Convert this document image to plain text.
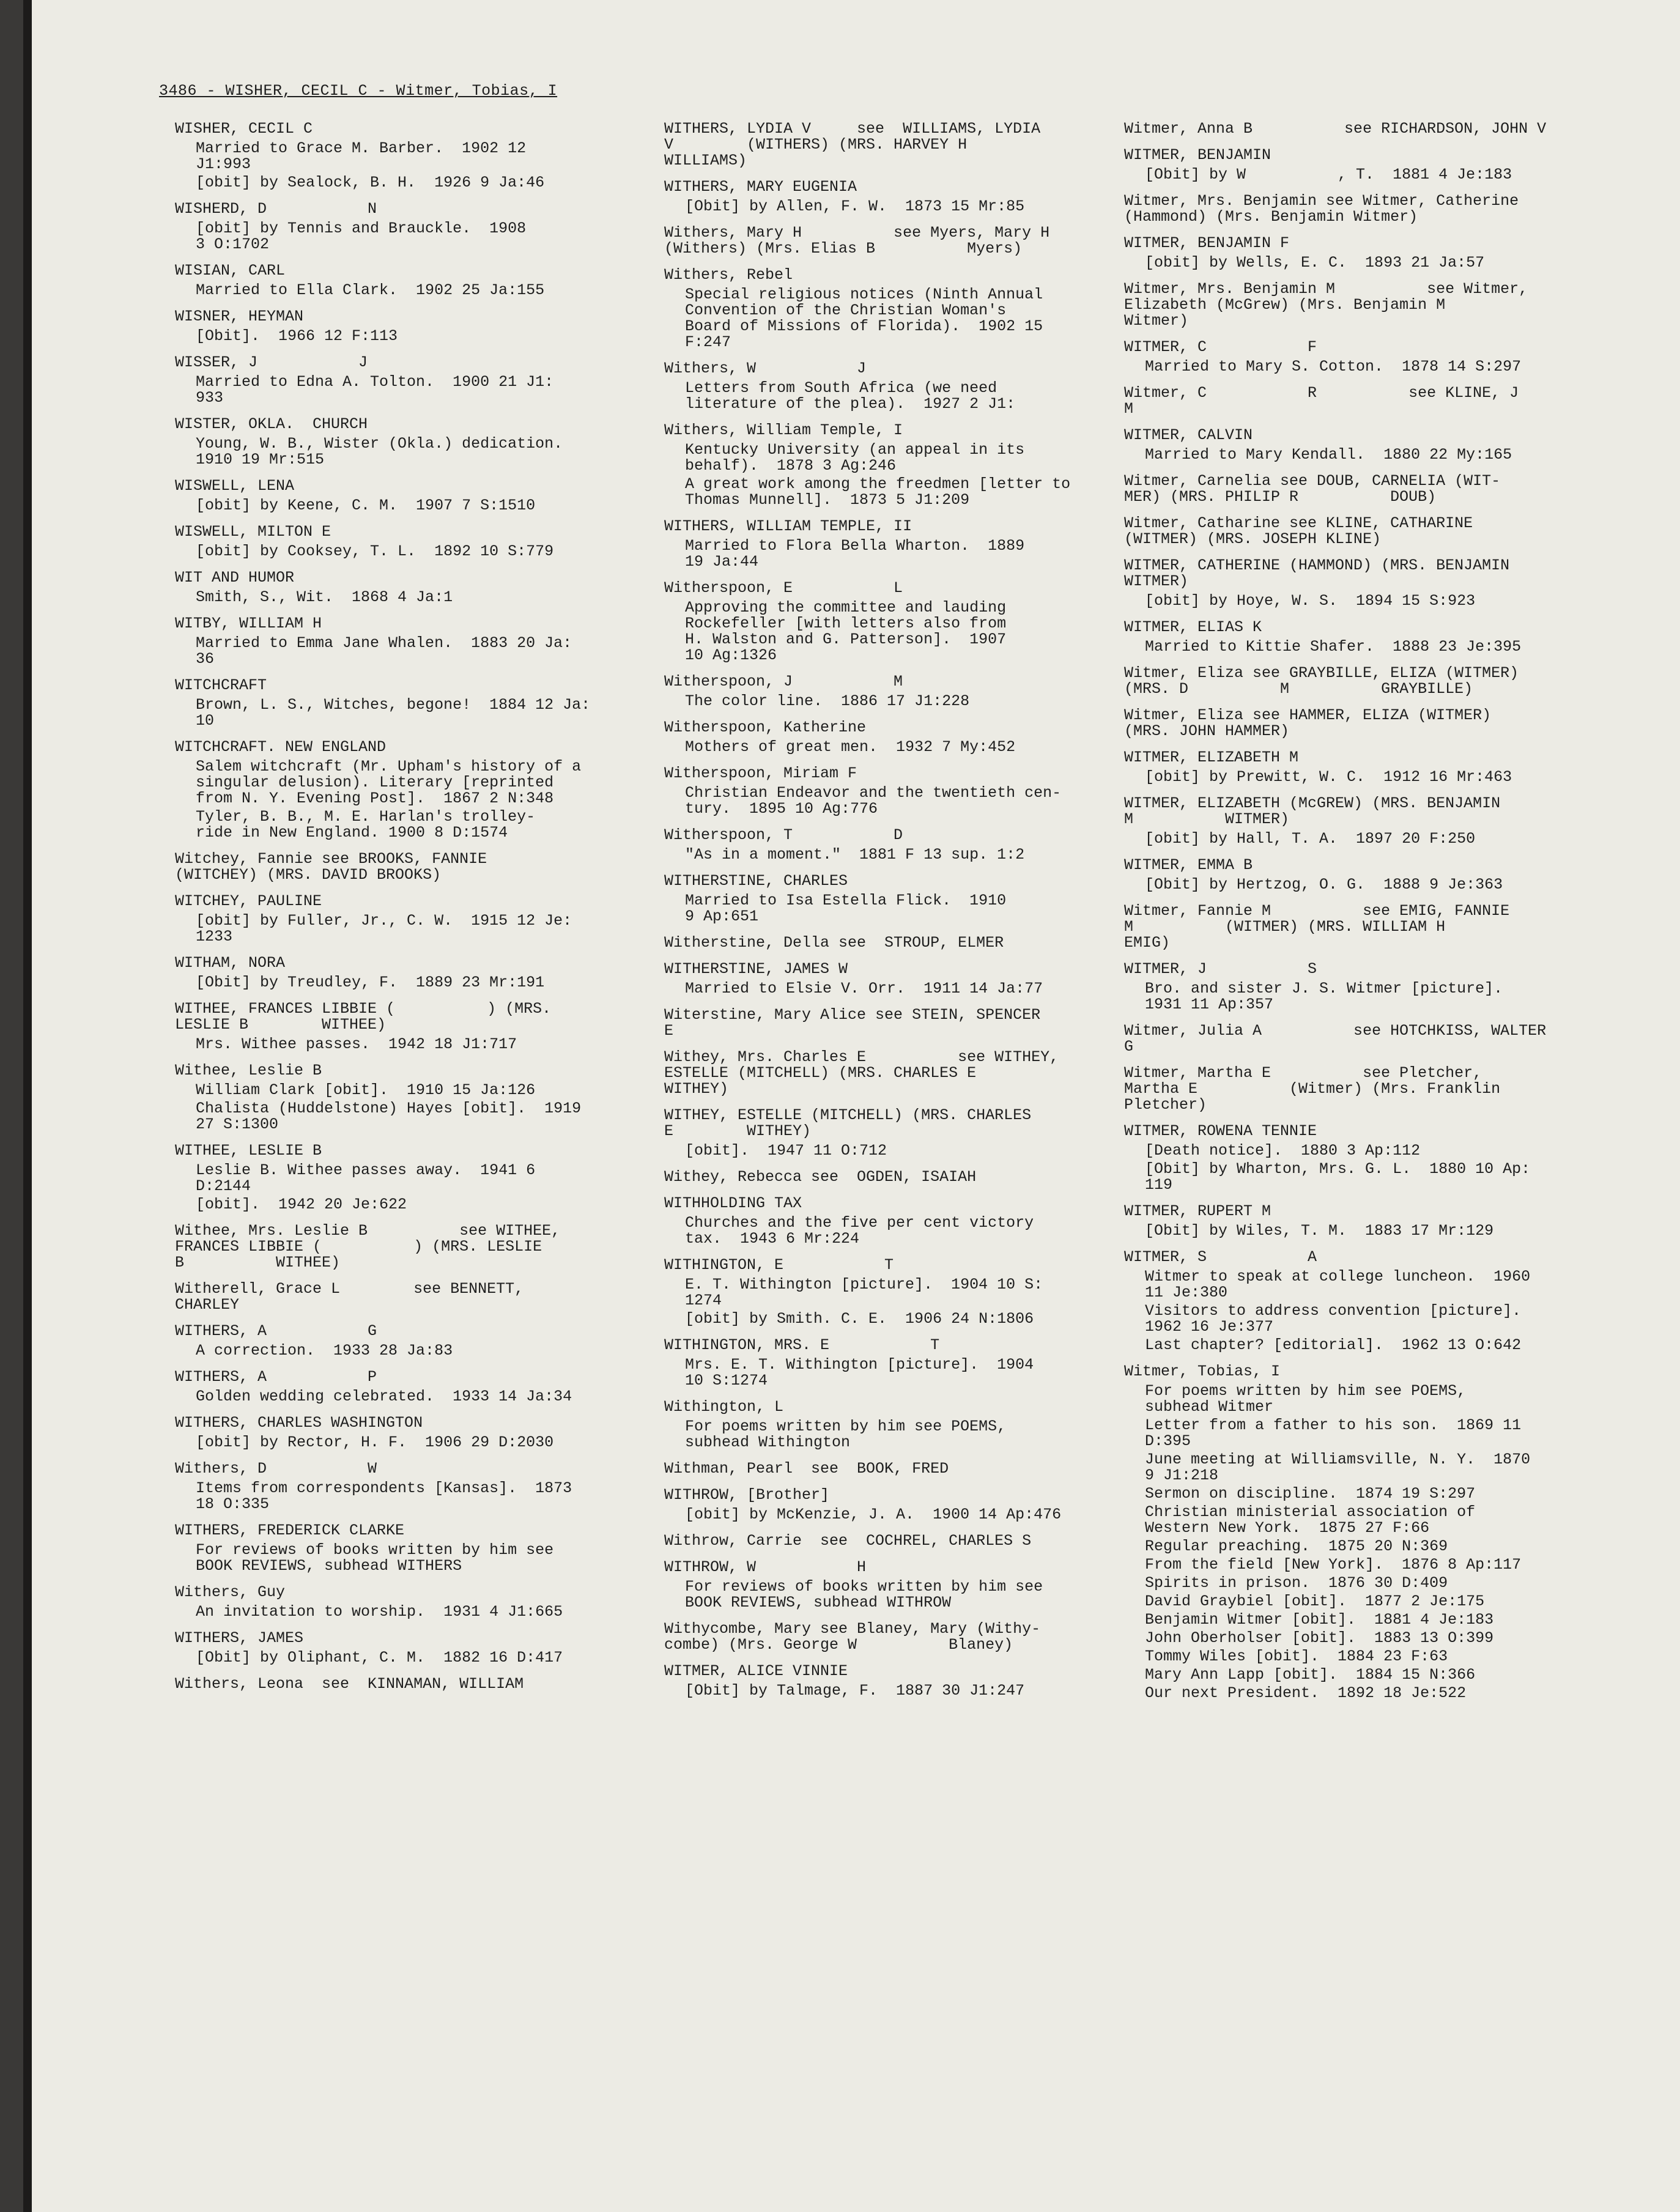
3486 - WISHER, CECIL C - Witmer, Tobias, I
WISHER, CECIL C
Married to Grace M. Barber.  1902 12
J1:993
[obit] by Sealock, B. H.  1926 9 Ja:46
WISHERD, D           N
[obit] by Tennis and Brauckle.  1908
3 O:1702
WISIAN, CARL
Married to Ella Clark.  1902 25 Ja:155
WISNER, HEYMAN
[Obit].  1966 12 F:113
WISSER, J           J
Married to Edna A. Tolton.  1900 21 J1:
933
WISTER, OKLA.  CHURCH
Young, W. B., Wister (Okla.) dedication.
1910 19 Mr:515
WISWELL, LENA
[obit] by Keene, C. M.  1907 7 S:1510
WISWELL, MILTON E
[obit] by Cooksey, T. L.  1892 10 S:779
WIT AND HUMOR
Smith, S., Wit.  1868 4 Ja:1
WITBY, WILLIAM H
Married to Emma Jane Whalen.  1883 20 Ja:
36
WITCHCRAFT
Brown, L. S., Witches, begone!  1884 12 Ja:
10
WITCHCRAFT. NEW ENGLAND
Salem witchcraft (Mr. Upham's history of a
singular delusion). Literary [reprinted
from N. Y. Evening Post].  1867 2 N:348
Tyler, B. B., M. E. Harlan's trolley-
ride in New England. 1900 8 D:1574
Witchey, Fannie see BROOKS, FANNIE
(WITCHEY) (MRS. DAVID BROOKS)
WITCHEY, PAULINE
[obit] by Fuller, Jr., C. W.  1915 12 Je:
1233
WITHAM, NORA
[Obit] by Treudley, F.  1889 23 Mr:191
WITHEE, FRANCES LIBBIE (          ) (MRS.
LESLIE B        WITHEE)
Mrs. Withee passes.  1942 18 J1:717
Withee, Leslie B
William Clark [obit].  1910 15 Ja:126
Chalista (Huddelstone) Hayes [obit].  1919
27 S:1300
WITHEE, LESLIE B
Leslie B. Withee passes away.  1941 6
D:2144
[obit].  1942 20 Je:622
Withee, Mrs. Leslie B          see WITHEE,
FRANCES LIBBIE (          ) (MRS. LESLIE
B          WITHEE)
Witherell, Grace L        see BENNETT,
CHARLEY
WITHERS, A           G
A correction.  1933 28 Ja:83
WITHERS, A           P
Golden wedding celebrated.  1933 14 Ja:34
WITHERS, CHARLES WASHINGTON
[obit] by Rector, H. F.  1906 29 D:2030
Withers, D           W
Items from correspondents [Kansas].  1873
18 O:335
WITHERS, FREDERICK CLARKE
For reviews of books written by him see
BOOK REVIEWS, subhead WITHERS
Withers, Guy
An invitation to worship.  1931 4 J1:665
WITHERS, JAMES
[Obit] by Oliphant, C. M.  1882 16 D:417
Withers, Leona  see  KINNAMAN, WILLIAM
WITHERS, LYDIA V     see  WILLIAMS, LYDIA
V        (WITHERS) (MRS. HARVEY H
WILLIAMS)
WITHERS, MARY EUGENIA
[Obit] by Allen, F. W.  1873 15 Mr:85
Withers, Mary H          see Myers, Mary H
(Withers) (Mrs. Elias B          Myers)
Withers, Rebel
Special religious notices (Ninth Annual
Convention of the Christian Woman's
Board of Missions of Florida).  1902 15
F:247
Withers, W           J
Letters from South Africa (we need
literature of the plea).  1927 2 J1:
Withers, William Temple, I
Kentucky University (an appeal in its
behalf).  1878 3 Ag:246
A great work among the freedmen [letter to
Thomas Munnell].  1873 5 J1:209
WITHERS, WILLIAM TEMPLE, II
Married to Flora Bella Wharton.  1889
19 Ja:44
Witherspoon, E           L
Approving the committee and lauding
Rockefeller [with letters also from
H. Walston and G. Patterson].  1907
10 Ag:1326
Witherspoon, J           M
The color line.  1886 17 J1:228
Witherspoon, Katherine
Mothers of great men.  1932 7 My:452
Witherspoon, Miriam F
Christian Endeavor and the twentieth cen-
tury.  1895 10 Ag:776
Witherspoon, T           D
"As in a moment."  1881 F 13 sup. 1:2
WITHERSTINE, CHARLES
Married to Isa Estella Flick.  1910
9 Ap:651
Witherstine, Della see  STROUP, ELMER
WITHERSTINE, JAMES W
Married to Elsie V. Orr.  1911 14 Ja:77
Witerstine, Mary Alice see STEIN, SPENCER
E
Withey, Mrs. Charles E          see WITHEY,
ESTELLE (MITCHELL) (MRS. CHARLES E
WITHEY)
WITHEY, ESTELLE (MITCHELL) (MRS. CHARLES
E        WITHEY)
[obit].  1947 11 O:712
Withey, Rebecca see  OGDEN, ISAIAH
WITHHOLDING TAX
Churches and the five per cent victory
tax.  1943 6 Mr:224
WITHINGTON, E           T
E. T. Withington [picture].  1904 10 S:
1274
[obit] by Smith. C. E.  1906 24 N:1806
WITHINGTON, MRS. E           T
Mrs. E. T. Withington [picture].  1904
10 S:1274
Withington, L
For poems written by him see POEMS,
subhead Withington
Withman, Pearl  see  BOOK, FRED
WITHROW, [Brother]
[obit] by McKenzie, J. A.  1900 14 Ap:476
Withrow, Carrie  see  COCHREL, CHARLES S
WITHROW, W           H
For reviews of books written by him see
BOOK REVIEWS, subhead WITHROW
Withycombe, Mary see Blaney, Mary (Withy-
combe) (Mrs. George W          Blaney)
WITMER, ALICE VINNIE
[Obit] by Talmage, F.  1887 30 J1:247
Witmer, Anna B          see RICHARDSON, JOHN V
WITMER, BENJAMIN
[Obit] by W          , T.  1881 4 Je:183
Witmer, Mrs. Benjamin see Witmer, Catherine
(Hammond) (Mrs. Benjamin Witmer)
WITMER, BENJAMIN F
[obit] by Wells, E. C.  1893 21 Ja:57
Witmer, Mrs. Benjamin M          see Witmer,
Elizabeth (McGrew) (Mrs. Benjamin M
Witmer)
WITMER, C           F
Married to Mary S. Cotton.  1878 14 S:297
Witmer, C           R          see KLINE, J          M
WITMER, CALVIN
Married to Mary Kendall.  1880 22 My:165
Witmer, Carnelia see DOUB, CARNELIA (WIT-
MER) (MRS. PHILIP R          DOUB)
Witmer, Catharine see KLINE, CATHARINE
(WITMER) (MRS. JOSEPH KLINE)
WITMER, CATHERINE (HAMMOND) (MRS. BENJAMIN
WITMER)
[obit] by Hoye, W. S.  1894 15 S:923
WITMER, ELIAS K
Married to Kittie Shafer.  1888 23 Je:395
Witmer, Eliza see GRAYBILLE, ELIZA (WITMER)
(MRS. D          M          GRAYBILLE)
Witmer, Eliza see HAMMER, ELIZA (WITMER)
(MRS. JOHN HAMMER)
WITMER, ELIZABETH M
[obit] by Prewitt, W. C.  1912 16 Mr:463
WITMER, ELIZABETH (McGREW) (MRS. BENJAMIN
M          WITMER)
[obit] by Hall, T. A.  1897 20 F:250
WITMER, EMMA B
[Obit] by Hertzog, O. G.  1888 9 Je:363
Witmer, Fannie M          see EMIG, FANNIE
M          (WITMER) (MRS. WILLIAM H
EMIG)
WITMER, J           S
Bro. and sister J. S. Witmer [picture].
1931 11 Ap:357
Witmer, Julia A          see HOTCHKISS, WALTER
G
Witmer, Martha E          see Pletcher,
Martha E          (Witmer) (Mrs. Franklin
Pletcher)
WITMER, ROWENA TENNIE
[Death notice].  1880 3 Ap:112
[Obit] by Wharton, Mrs. G. L.  1880 10 Ap:
119
WITMER, RUPERT M
[Obit] by Wiles, T. M.  1883 17 Mr:129
WITMER, S           A
Witmer to speak at college luncheon.  1960
11 Je:380
Visitors to address convention [picture].
1962 16 Je:377
Last chapter? [editorial].  1962 13 O:642
Witmer, Tobias, I
For poems written by him see POEMS,
subhead Witmer
Letter from a father to his son.  1869 11
D:395
June meeting at Williamsville, N. Y.  1870
9 J1:218
Sermon on discipline.  1874 19 S:297
Christian ministerial association of
Western New York.  1875 27 F:66
Regular preaching.  1875 20 N:369
From the field [New York].  1876 8 Ap:117
Spirits in prison.  1876 30 D:409
David Graybiel [obit].  1877 2 Je:175
Benjamin Witmer [obit].  1881 4 Je:183
John Oberholser [obit].  1883 13 O:399
Tommy Wiles [obit].  1884 23 F:63
Mary Ann Lapp [obit].  1884 15 N:366
Our next President.  1892 18 Je:522
